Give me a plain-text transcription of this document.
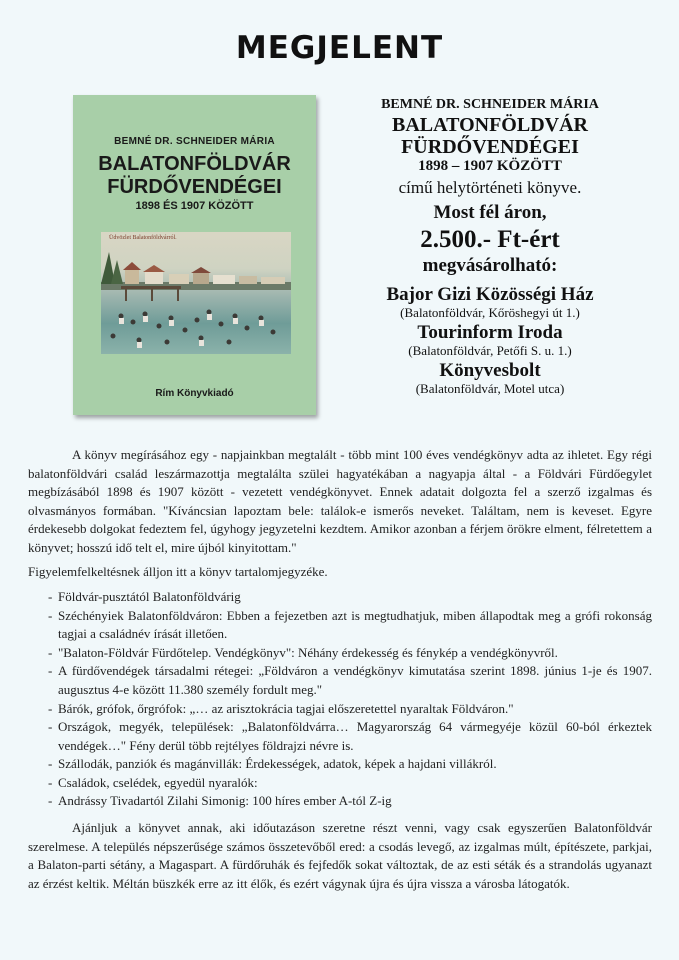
MEGJELENT
BEMNÉ DR. SCHNEIDER MÁRIA
BALATONFÖLDVÁR
FÜRDŐVENDÉGEI
1898 ÉS 1907 KÖZÖTT
Üdvözlet Balatonföldvárról.
Rím Könyvkiadó
BEMNÉ DR. SCHNEIDER MÁRIA
BALATONFÖLDVÁR
FÜRDŐVENDÉGEI
1898 – 1907 KÖZÖTT
című helytörténeti könyve.
Most fél áron,
2.500.- Ft-ért
megvásárolható:
Bajor Gizi Közösségi Ház
(Balatonföldvár, Kőröshegyi út 1.)
Tourinform Iroda
(Balatonföldvár, Petőfi S. u. 1.)
Könyvesbolt
(Balatonföldvár, Motel utca)

A könyv megírásához egy - napjainkban megtalált - több mint 100 éves vendégkönyv adta az ihletet. Egy régi balatonföldvári család leszármazottja megtalálta szülei hagyatékában a nagyapja által - a Földvári Fürdőegylet megbízásából 1898 és 1907 között - vezetett vendégkönyvet. Ennek adatait dolgozta fel a szerző izgalmas és olvasmányos formában. "Kíváncsian lapoztam bele: találok-e ismerős neveket. Találtam, nem is keveset. Egyre érdekesebb dolgokat fedeztem fel, úgyhogy jegyzetelni kezdtem. Amikor azonban a férjem örökre elment, félretettem a könyvet; hosszú idő telt el, mire újból kinyitottam."

Figyelemfelkeltésnek álljon itt a könyv tartalomjegyzéke.

- Földvár-pusztától Balatonföldvárig
- Széchényiek Balatonföldváron: Ebben a fejezetben azt is megtudhatjuk, miben állapodtak meg a grófi rokonság tagjai a családnév írását illetően.
- "Balaton-Földvár Fürdőtelep. Vendégkönyv": Néhány érdekesség és fénykép a vendégkönyvről.
- A fürdővendégek társadalmi rétegei: „Földváron a vendégkönyv kimutatása szerint 1898. június 1-je és 1907. augusztus 4-e között 11.380 személy fordult meg."
- Bárók, grófok, őrgrófok: „… az arisztokrácia tagjai előszeretettel nyaraltak Földváron."
- Országok, megyék, települések: „Balatonföldvárra… Magyarország 64 vármegyéje közül 60-ból érkeztek vendégek…" Fény derül több rejtélyes földrajzi névre is.
- Szállodák, panziók és magánvillák: Érdekességek, adatok, képek a hajdani villákról.
- Családok, cselédek, egyedül nyaralók:
- Andrássy Tivadartól Zilahi Simonig: 100 híres ember A-tól Z-ig

Ajánljuk a könyvet annak, aki időutazáson szeretne részt venni, vagy csak egyszerűen Balatonföldvár szerelmese. A település népszerűsége számos összetevőből ered: a csodás levegő, az izgalmas múlt, építészete, parkjai, a Balaton-parti sétány, a Magaspart. A fürdőruhák és fejfedők sokat változtak, de az esti séták és a strandolás ugyanazt az érzést keltik. Méltán büszkék erre az itt élők, és ezért vágynak újra és újra vissza a városba látogatók.
